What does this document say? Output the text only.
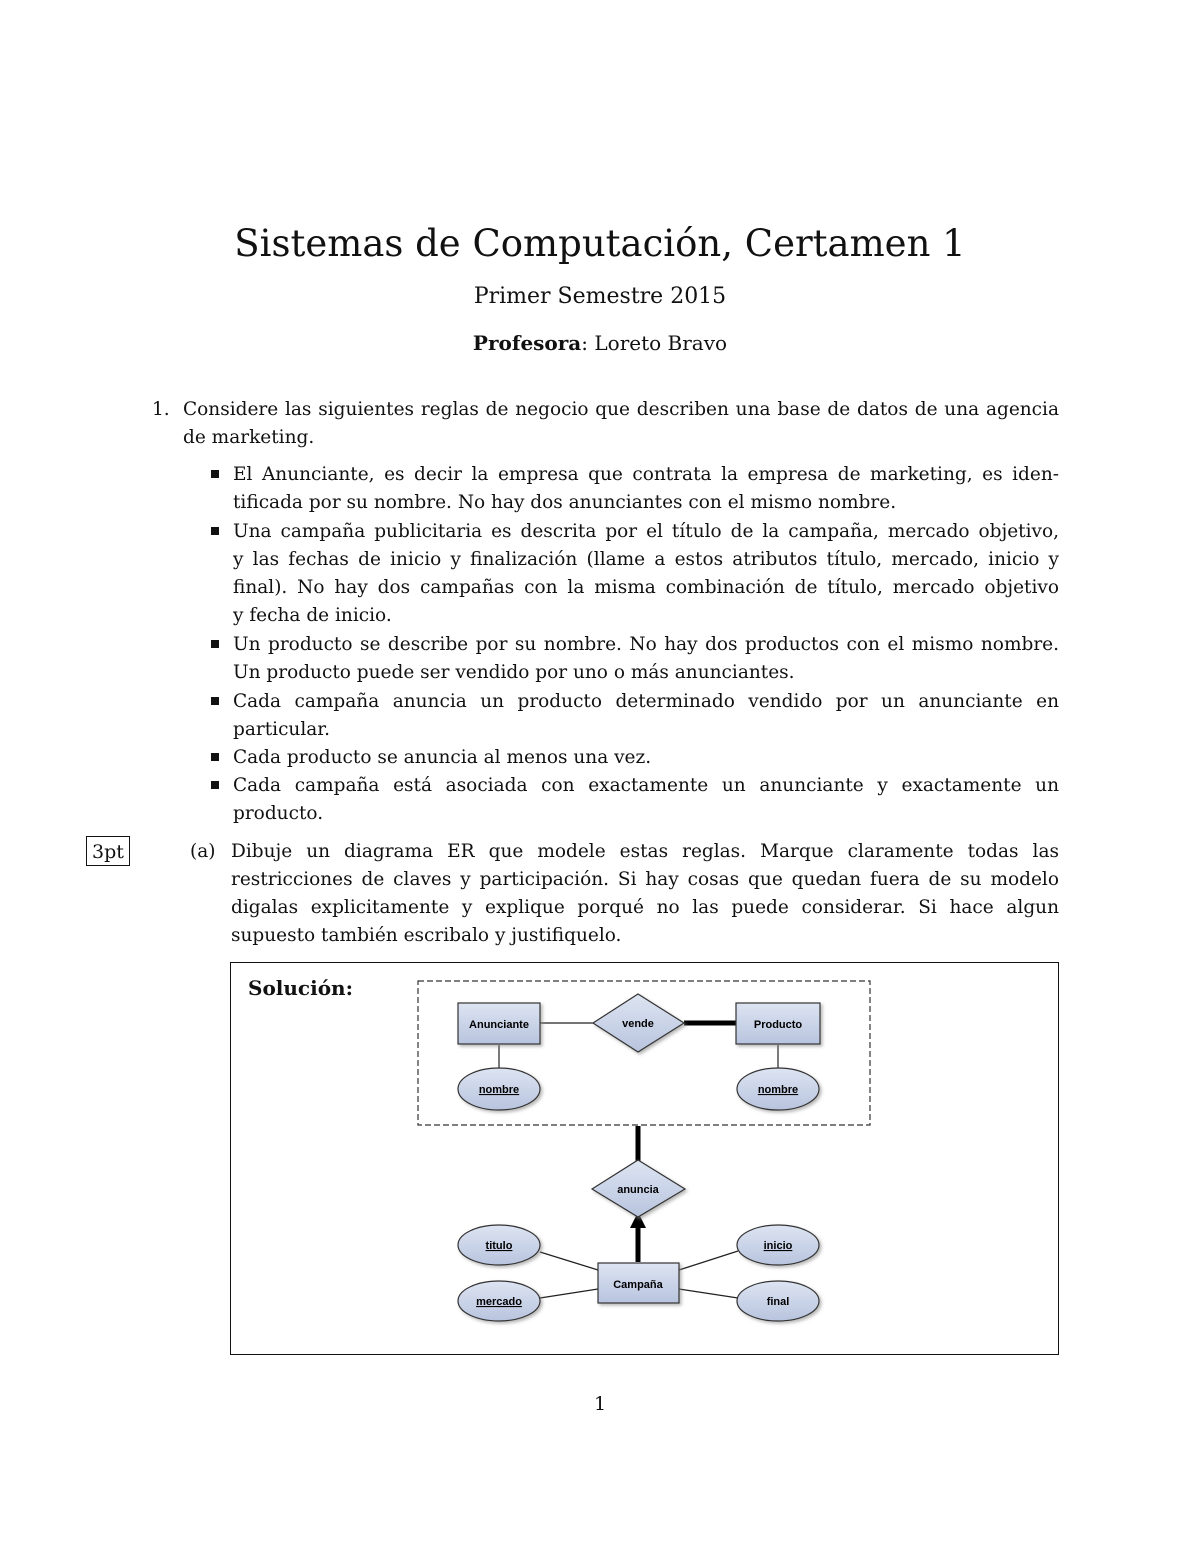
Sistemas de Computación, Certamen 1
Primer Semestre 2015
Profesora: Loreto Bravo
1. Considere las siguientes reglas de negocio que describen una base de datos de una agencia
de marketing.
El Anunciante, es decir la empresa que contrata la empresa de marketing, es iden-
tificada por su nombre. No hay dos anunciantes con el mismo nombre.
Una campaña publicitaria es descrita por el título de la campaña, mercado objetivo,
y las fechas de inicio y finalización (llame a estos atributos título, mercado, inicio y
final). No hay dos campañas con la misma combinación de título, mercado objetivo
y fecha de inicio.
Un producto se describe por su nombre. No hay dos productos con el mismo nombre.
Un producto puede ser vendido por uno o más anunciantes.
Cada campaña anuncia un producto determinado vendido por un anunciante en
particular.
Cada producto se anuncia al menos una vez.
Cada campaña está asociada con exactamente un anunciante y exactamente un
producto.
3pt	(a) Dibuje un diagrama ER que modele estas reglas. Marque claramente todas las
restricciones de claves y participación. Si hay cosas que quedan fuera de su modelo
digalas explicitamente y explique porqué no las puede considerar. Si hace algun
supuesto también escribalo y justifiquelo.
Solución:
Anunciante	Producto
Campaña
vende
anuncia
nombre	nombre
titulo
mercado
inicio
final
1
